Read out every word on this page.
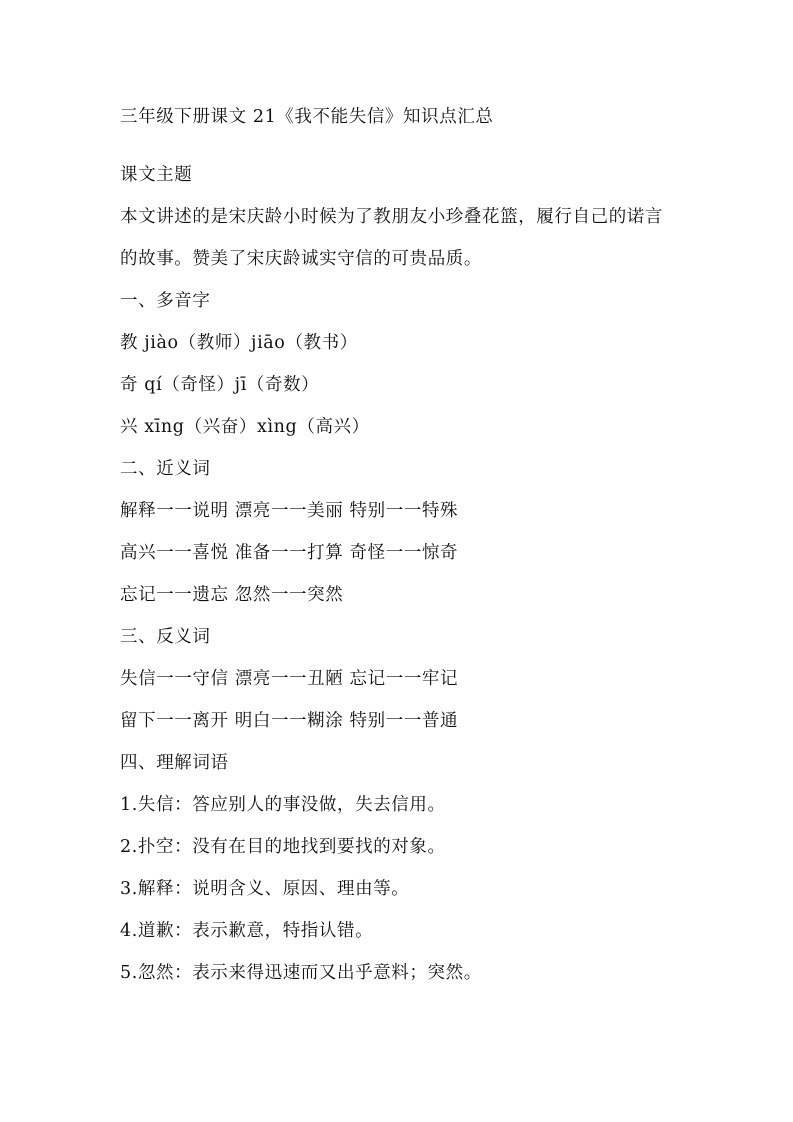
三年级下册课文 21《我不能失信》知识点汇总
课文主题
本文讲述的是宋庆龄小时候为了教朋友小珍叠花篮，履行自己的诺言的故事。赞美了宋庆龄诚实守信的可贵品质。
一、多音字
教 jiào（教师）jiāo（教书）
奇 qí（奇怪）jī（奇数）
兴 xīng（兴奋）xìng（高兴）
二、近义词
解释一一说明 漂亮一一美丽 特别一一特殊
高兴一一喜悦 准备一一打算 奇怪一一惊奇
忘记一一遗忘 忽然一一突然
三、反义词
失信一一守信 漂亮一一丑陋 忘记一一牢记
留下一一离开 明白一一糊涂 特别一一普通
四、理解词语
1.失信：答应别人的事没做，失去信用。
2.扑空：没有在目的地找到要找的对象。
3.解释：说明含义、原因、理由等。
4.道歉：表示歉意，特指认错。
5.忽然：表示来得迅速而又出乎意料；突然。
